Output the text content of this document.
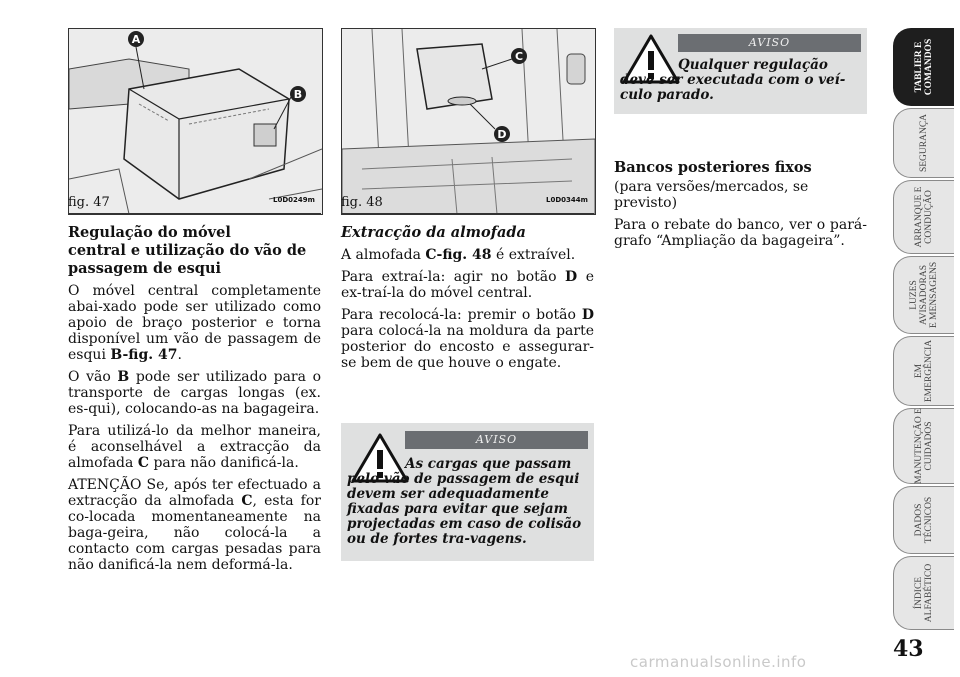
A
B
fig. 47	L0D0249m
C
D
fig. 48	L0D0344m
Regulação do móvel
central e utilização do vão de
passagem de esqui

O móvel central completamente abai-xado pode ser utilizado como apoio de braço posterior e torna disponível um vão de passagem de esqui B-fig. 47.

O vão B pode ser utilizado para o transporte de cargas longas (ex. es-qui), colocando-as na bagageira.

Para utilizá-lo da melhor maneira, é aconselhável a extracção da almofada C para não danificá-la.

ATENÇÃO Se, após ter efectuado a extracção da almofada C, esta for co-locada momentaneamente na baga-geira, não colocá-la a contacto com cargas pesadas para não danificá-la nem deformá-la.

Extracção da almofada

A almofada C-fig. 48 é extraível.

Para extraí-la: agir no botão D e ex-traí-la do móvel central.

Para recolocá-la: premir o botão D para colocá-la na moldura da parte posterior do encosto e assegurar-se bem de que houve o engate.

AVISO
As cargas que passam pelo vão de passagem de esqui devem ser adequadamente fixadas para evitar que sejam projectadas em caso de colisão ou de fortes tra-vagens.
AVISO
Qualquer regulação deve ser executada com o veí-culo parado.
Bancos posteriores fixos

(para versões/mercados, se previsto)

Para o rebate do banco, ver o pará-grafo “Ampliação da bagageira”.

TABLIER E
COMANDOS
SEGURANÇA
ARRANQUE E
CONDUÇÃO
LUZES
AVISADORAS
E MENSAGENS
EM
EMERGÊNCIA
MANUTENÇÃO E
CUIDADOS
DADOS
TÉCNICOS
ÍNDICE
ALFABÉTICO
43
carmanualsonline.info
